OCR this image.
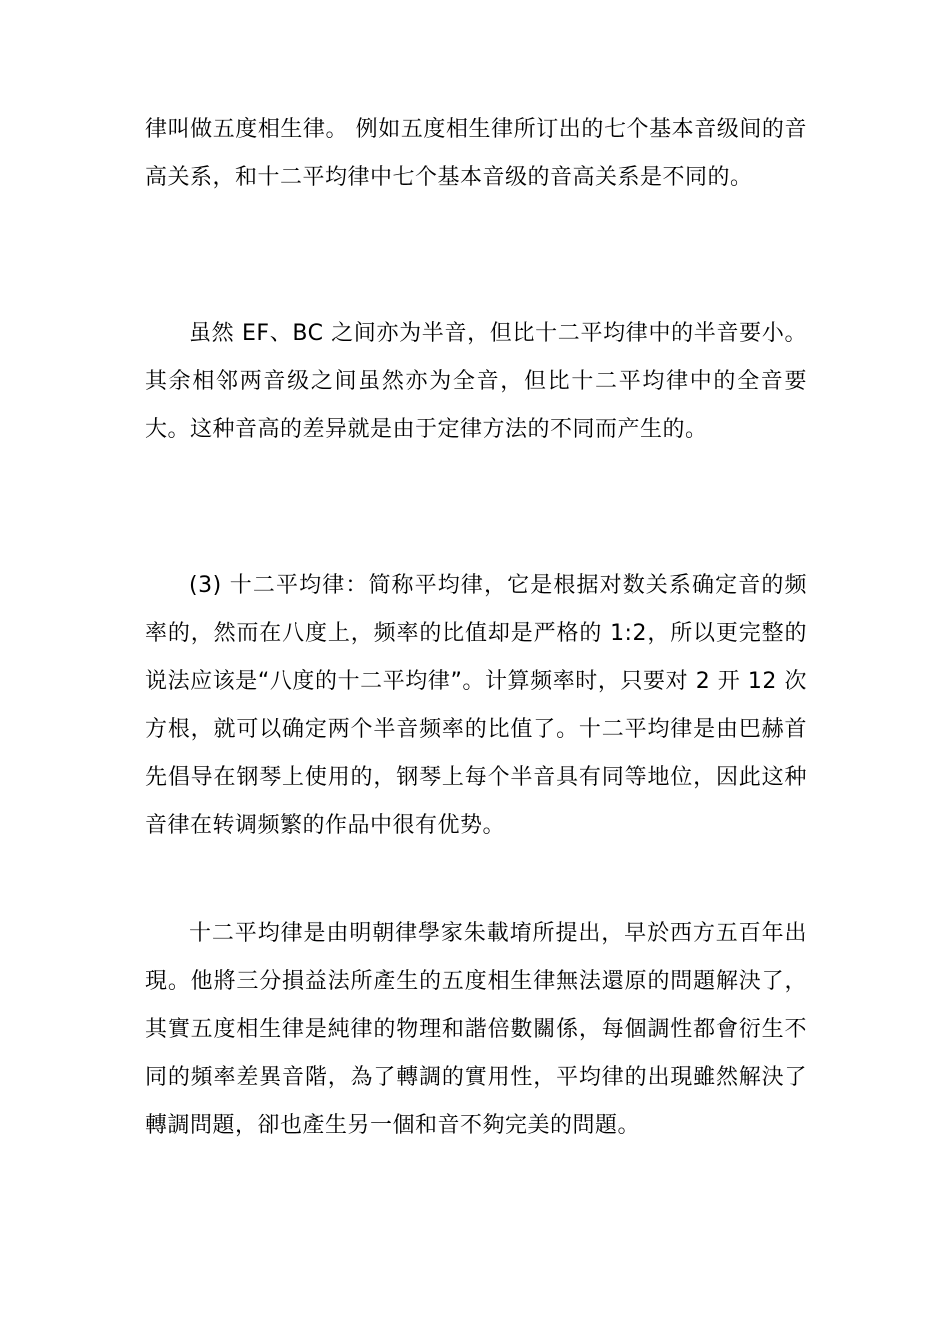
律叫做五度相生律。 例如五度相生律所订出的七个基本音级间的音高关系，和十二平均律中七个基本音级的音高关系是不同的。

虽然 EF、BC 之间亦为半音，但比十二平均律中的半音要小。其余相邻两音级之间虽然亦为全音，但比十二平均律中的全音要大。这种音高的差异就是由于定律方法的不同而产生的。

(3) 十二平均律：简称平均律，它是根据对数关系确定音的频率的，然而在八度上，频率的比值却是严格的 1:2，所以更完整的说法应该是“八度的十二平均律”。计算频率时，只要对 2 开 12 次方根，就可以确定两个半音频率的比值了。十二平均律是由巴赫首先倡导在钢琴上使用的，钢琴上每个半音具有同等地位，因此这种音律在转调频繁的作品中很有优势。

十二平均律是由明朝律學家朱載堉所提出，早於西方五百年出現。他將三分損益法所產生的五度相生律無法還原的問題解決了，其實五度相生律是純律的物理和諧倍數關係，每個調性都會衍生不同的頻率差異音階，為了轉調的實用性，平均律的出現雖然解決了轉調問題，卻也產生另一個和音不夠完美的問題。
